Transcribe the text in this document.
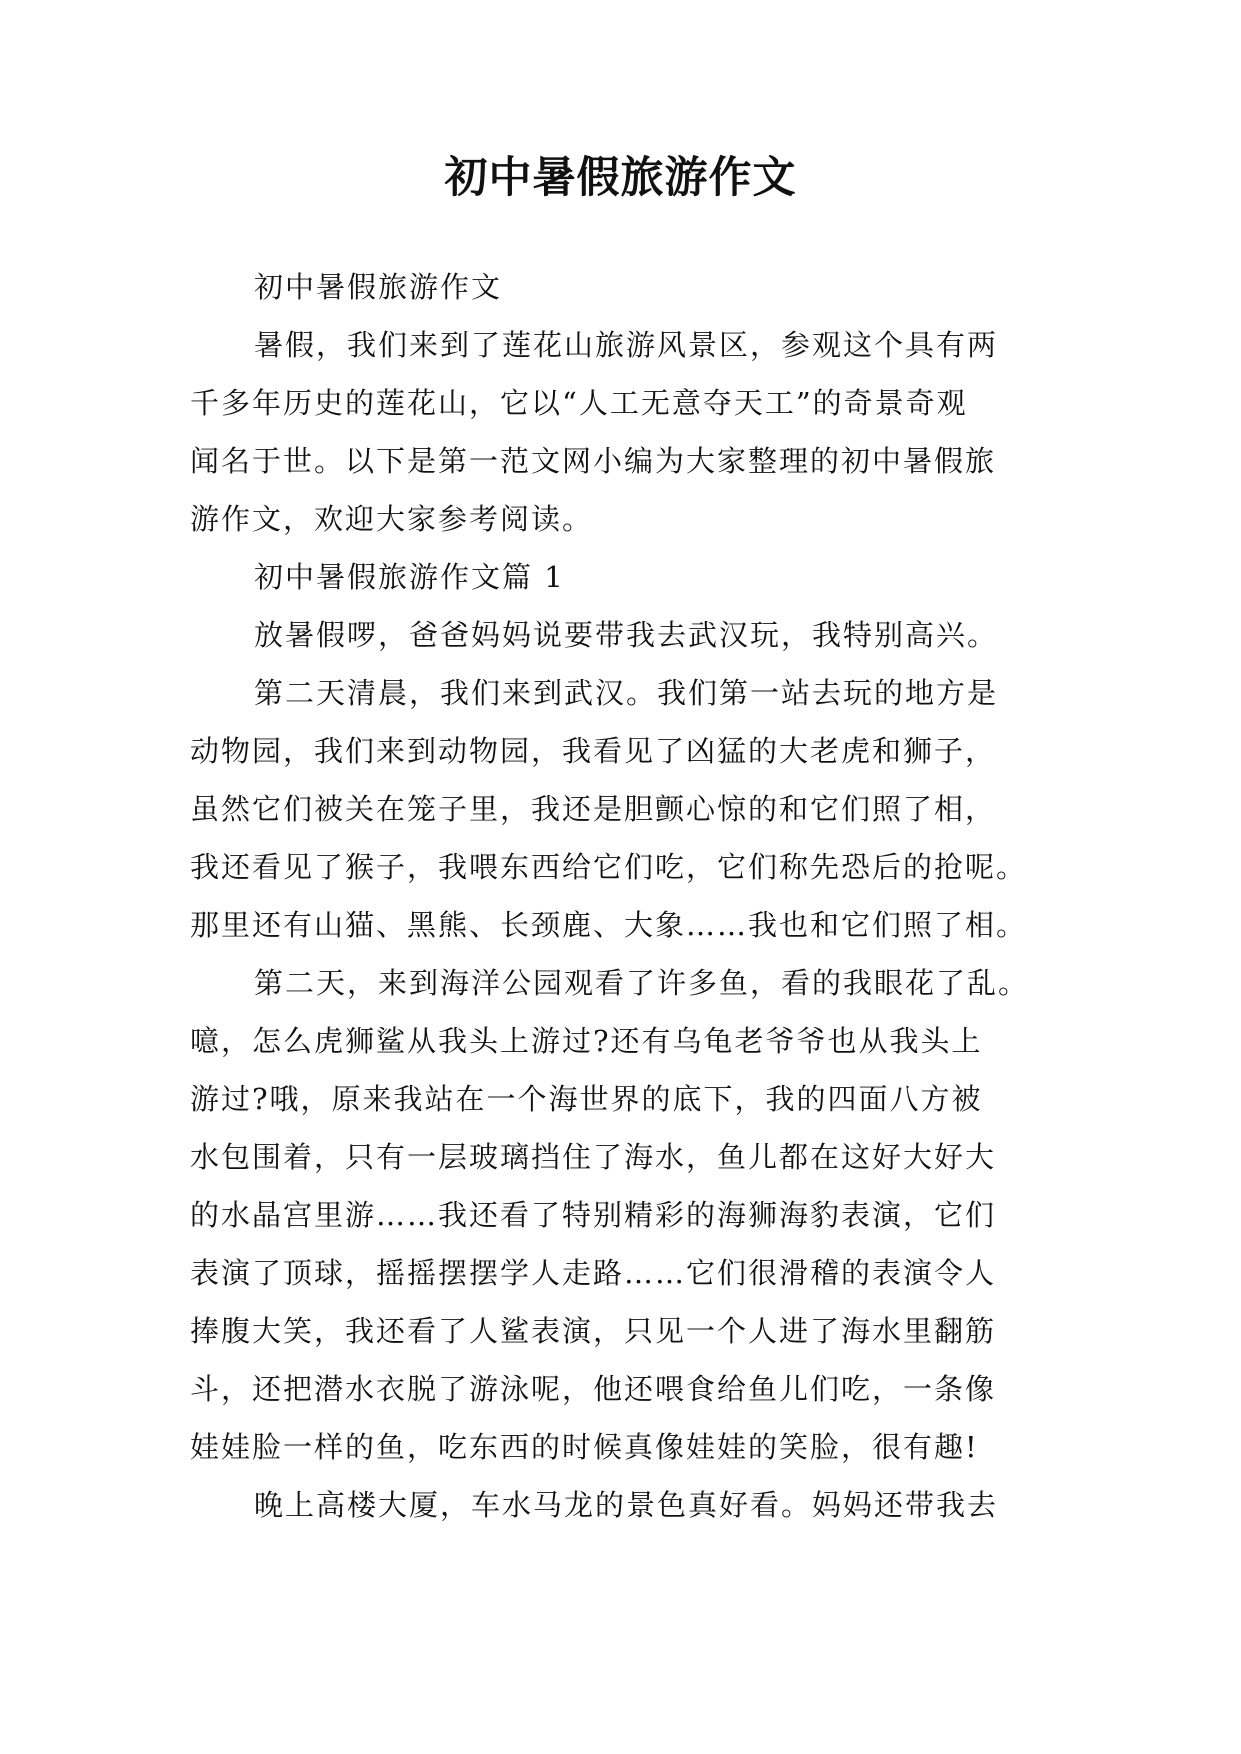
初中暑假旅游作文

初中暑假旅游作文

暑假，我们来到了莲花山旅游风景区，参观这个具有两
千多年历史的莲花山，它以“人工无意夺天工”的奇景奇观
闻名于世。以下是第一范文网小编为大家整理的初中暑假旅
游作文，欢迎大家参考阅读。

初中暑假旅游作文篇 1

放暑假啰，爸爸妈妈说要带我去武汉玩，我特别高兴。

第二天清晨，我们来到武汉。我们第一站去玩的地方是
动物园，我们来到动物园，我看见了凶猛的大老虎和狮子，
虽然它们被关在笼子里，我还是胆颤心惊的和它们照了相，
我还看见了猴子，我喂东西给它们吃，它们称先恐后的抢呢。
那里还有山猫、黑熊、长颈鹿、大象……我也和它们照了相。

第二天，来到海洋公园观看了许多鱼，看的我眼花了乱。
噫，怎么虎狮鲨从我头上游过?还有乌龟老爷爷也从我头上
游过?哦，原来我站在一个海世界的底下，我的四面八方被
水包围着，只有一层玻璃挡住了海水，鱼儿都在这好大好大
的水晶宫里游……我还看了特别精彩的海狮海豹表演，它们
表演了顶球，摇摇摆摆学人走路……它们很滑稽的表演令人
捧腹大笑，我还看了人鲨表演，只见一个人进了海水里翻筋
斗，还把潜水衣脱了游泳呢，他还喂食给鱼儿们吃，一条像
娃娃脸一样的鱼，吃东西的时候真像娃娃的笑脸，很有趣!

晚上高楼大厦，车水马龙的景色真好看。妈妈还带我去
